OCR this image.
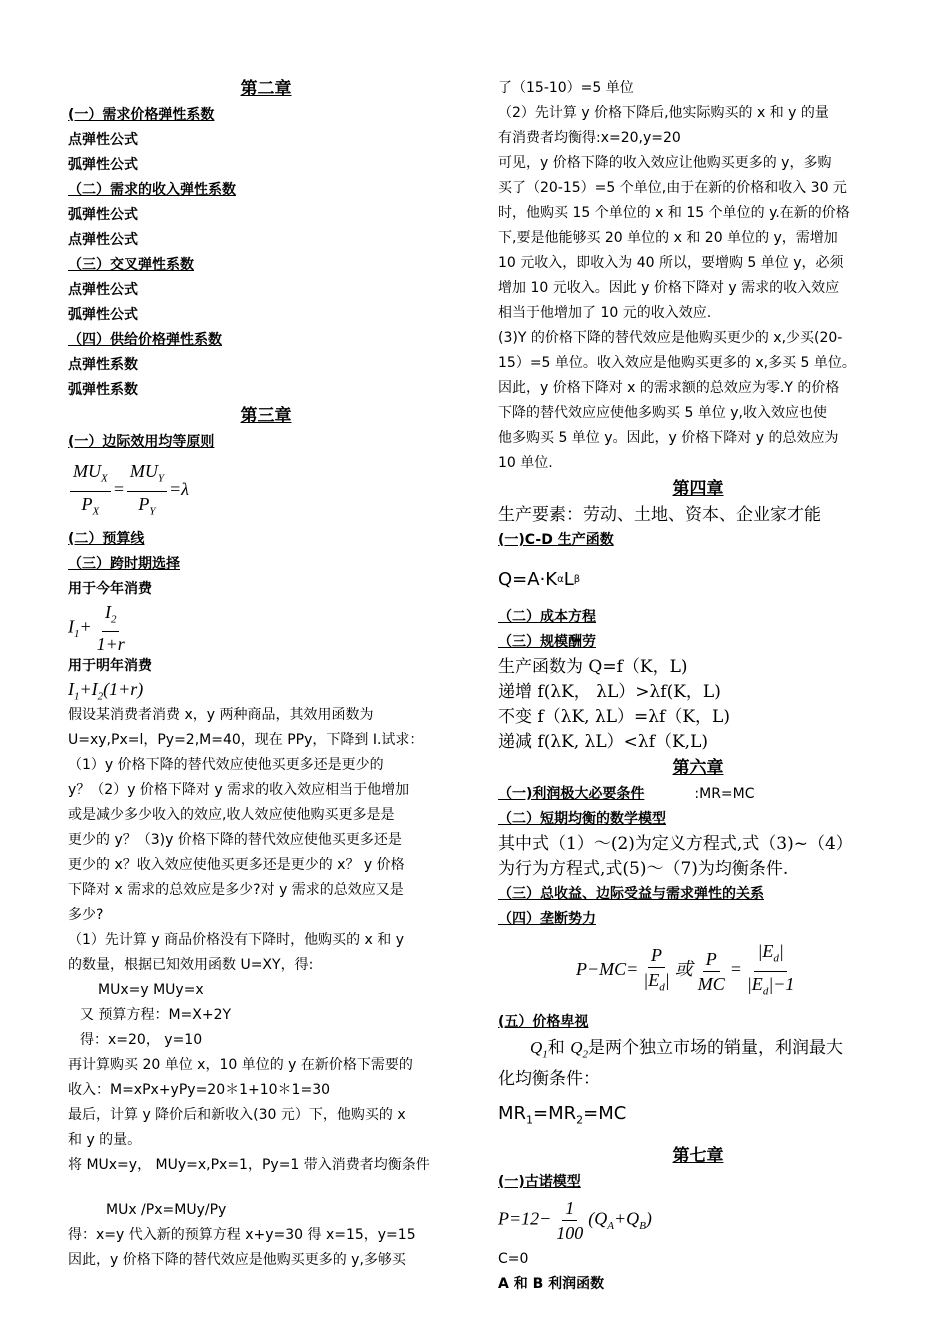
第二章
(一）需求价格弹性系数
点弹性公式
弧弹性公式
（二）需求的收入弹性系数
弧弹性公式
点弹性公式
（三）交叉弹性系数
点弹性公式
弧弹性公式
（四）供给价格弹性系数
点弹性系数
弧弹性系数
第三章
(一）边际效用均等原则
$\frac{MU_X}{P_X} = \frac{MU_Y}{P_Y} =\lambda$
(二）预算线
（三）跨时期选择
用于今年消费
$I_1+ \frac{I_2}{1+r}$
用于明年消费
$I_1+I_2(1+r)$
假设某消费者消费 x，y 两种商品，其效用函数为
U=xy,Px=l，Py=2,M=40，现在 PPy，下降到 I.试求：
（1）y 价格下降的替代效应使他买更多还是更少的
y？（2）y 价格下降对 y 需求的收入效应相当于他增加
或是减少多少收入的效应,收人效应使他购买更多是是
更少的 y？（3)y 价格下降的替代效应使他买更多还是
更少的 x？收入效应使他买更多还是更少的 x？ y 价格
下降对 x 需求的总效应是多少?对 y 需求的总效应又是
多少?
（1）先计算 y 商品价格没有下降时，他购买的 x 和 y
的数量，根据已知效用函数 U=XY，得:
MUx=y MUy=x
又 预算方程：M=X+2Y
得：x=20， y=10
再计算购买 20 单位 x，10 单位的 y 在新价格下需要的
收入：M=xPx+yPy=20＊1+10＊1=30
最后，计算 y 降价后和新收入(30 元）下，他购买的 x
和 y 的量。
将 MUx=y， MUy=x,Px=1，Py=1 带入消费者均衡条件
MUx /Px=MUy/Py
得：x=y 代入新的预算方程 x+y=30 得 x=15，y=15
因此，y 价格下降的替代效应是他购买更多的 y,多够买
了（15-10）=5 单位
（2）先计算 y 价格下降后,他实际购买的 x 和 y 的量
有消费者均衡得:x=20,y=20
可见，y 价格下降的收入效应让他购买更多的 y，多购
买了（20-15）=5 个单位,由于在新的价格和收入 30 元
时，他购买 15 个单位的 x 和 15 个单位的 y.在新的价格
下,要是他能够买 20 单位的 x 和 20 单位的 y，需增加
10 元收入，即收入为 40 所以，要增购 5 单位 y，必须
增加 10 元收入。因此 y 价格下降对 y 需求的收入效应
相当于他增加了 10 元的收入效应.
(3)Y 的价格下降的替代效应是他购买更少的 x,少买(20-
15）=5 单位。收入效应是他购买更多的 x,多买 5 单位。
因此，y 价格下降对 x 的需求额的总效应为零.Y 的价格
下降的替代效应应使他多购买 5 单位 y,收入效应也使
他多购买 5 单位 y。因此，y 价格下降对 y 的总效应为
10 单位.
第四章
生产要素：劳动、土地、资本、企业家才能
(一)C-D 生产函数
Q=A·K α L β
（二）成本方程
（三）规模酬劳
生产函数为 Q=f（K，L)
递增 f(λK， λL）>λf(K，L)
不变 f（λK, λL）=λf（K，L)
递减 f(λK, λL）<λf（K,L)
第六章
（一)利润极大必要条件	:MR=MC
（二）短期均衡的数学模型
其中式（1）～(2)为定义方程式,式（3)~（4）
为行为方程式,式(5)～（7)为均衡条件.
（三）总收益、边际受益与需求弹性的关系
（四）垄断势力
$P-MC= \frac{P}{|E_d|}$ 或 $\frac{P}{MC} = \frac{|E_d|}{|E_d|-1}$
(五）价格卑视
$Q_1$和 $Q_2$是两个独立市场的销量，利润最大
化均衡条件：
$MR_1=MR_2=MC$
第七章
(一)古诺模型
$P=12- \frac{1}{100} (Q_A+Q_B)$
C=0
A 和 B 利润函数
